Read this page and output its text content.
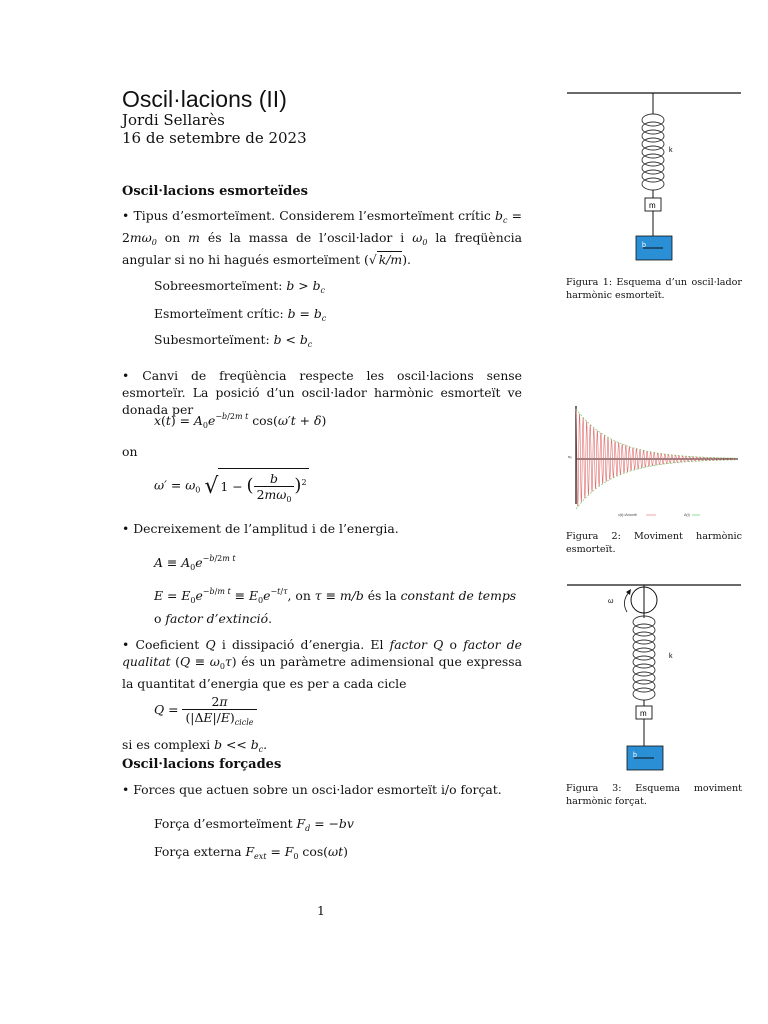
Oscil·lacions (II)
Jordi Sellarès
16 de setembre de 2023
Oscil·lacions esmorteïdes
• Tipus d’esmorteïment. Considerem l’esmorteïment crític $b_c = 2m\omega_0$ on m és la massa de l’oscil·lador i $\omega_0$ la freqüència angular si no hi hagués esmorteïment (√ k/m).
Sobreesmorteïment: $b > b_c$
Esmorteïment crític: $b = b_c$
Subesmorteïment: $b < b_c$
• Canvi de freqüència respecte les oscil·lacions sense esmorteïr. La posició d’un oscil·lador harmònic esmorteït ve donada per
$x(t) = A_0e^{-b/2m t}$ cos(ω′t + δ)
on
$\omega' = \omega_0$ √ 1 − ( $\frac{b}{2m\omega_0} )^2$
• Decreixement de l’amplitud i de l’energia.
$A \equiv A_0e^{-b/2m t}$
$E = E_0e^{-b/m t} \equiv E_0e^{-t/\tau}$, on τ ≡ m/b és la constant de temps o factor d’extinció.
• Coeficient Q i dissipació d’energia. El factor Q o factor de qualitat $(Q \equiv \omega_0\tau)$ és un paràmetre adimensional que expressa la quantitat d’energia que es per a cada cicle
$Q = \frac{2\pi}{(|\Delta E|/E)_{cicle}}$
si es complexi $b << b_c$.
Oscil·lacions forçades
• Forces que actuen sobre un osci·lador esmorteït i/o forçat.
Força d’esmorteïment $F_d = -bv$
Força externa $F_{ext} = F_0$ cos(ωt)
1
k
m
b
Figura 1: Esquema d’un oscil·lador harmònic esmorteït.
x₀
x(t)=Amortit	A(t)
Figura 2: Moviment harmònic esmorteït.
ω
k
m
b
Figura 3: Esquema moviment harmònic forçat.
